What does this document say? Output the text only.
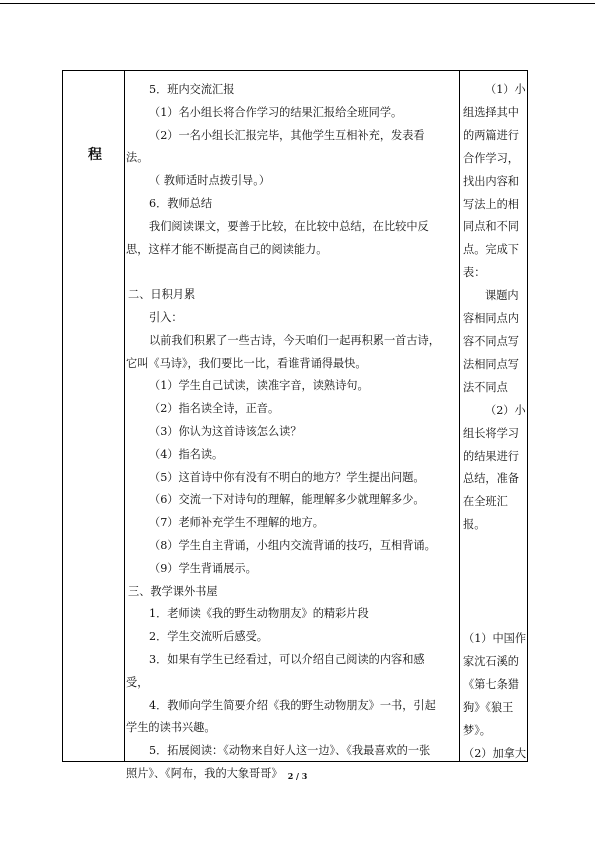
程

5．班内交流汇报

（1）名小组长将合作学习的结果汇报给全班同学。

（2）一名小组长汇报完毕，其他学生互相补充，发表看

法。

（ 教师适时点拨引导。）

6．教师总结

我们阅读课文，要善于比较，在比较中总结，在比较中反

思，这样才能不断提高自己的阅读能力。

二、日积月累

引入：

以前我们积累了一些古诗，今天咱们一起再积累一首古诗，

它叫《马诗》，我们要比一比，看谁背诵得最快。

（1）学生自己试读，读准字音，读熟诗句。

（2）指名读全诗，正音。

（3）你认为这首诗该怎么读？

（4）指名读。

（5）这首诗中你有没有不明白的地方？学生提出问题。

（6）交流一下对诗句的理解，能理解多少就理解多少。

（7）老师补充学生不理解的地方。

（8）学生自主背诵，小组内交流背诵的技巧，互相背诵。

（9）学生背诵展示。

三、教学课外书屋

1．老师读《我的野生动物朋友》的精彩片段

2．学生交流听后感受。

3．如果有学生已经看过，可以介绍自己阅读的内容和感

受，

4．教师向学生简要介绍《我的野生动物朋友》一书，引起

学生的读书兴趣。

5．拓展阅读：《动物来自好人这一边》、《我最喜欢的一张

照片》、《阿布，我的大象哥哥》

（1）小

组选择其中

的两篇进行

合作学习，

找出内容和

写法上的相

同点和不同

点。完成下

表：

课题内

容相同点内

容不同点写

法相同点写

法不同点

（2）小

组长将学习

的结果进行

总结，准备

在全班汇

报。

（1）中国作

家沈石溪的

《第七条猎

狗》《狼王

梦》。

（2）加拿大

2 / 3
